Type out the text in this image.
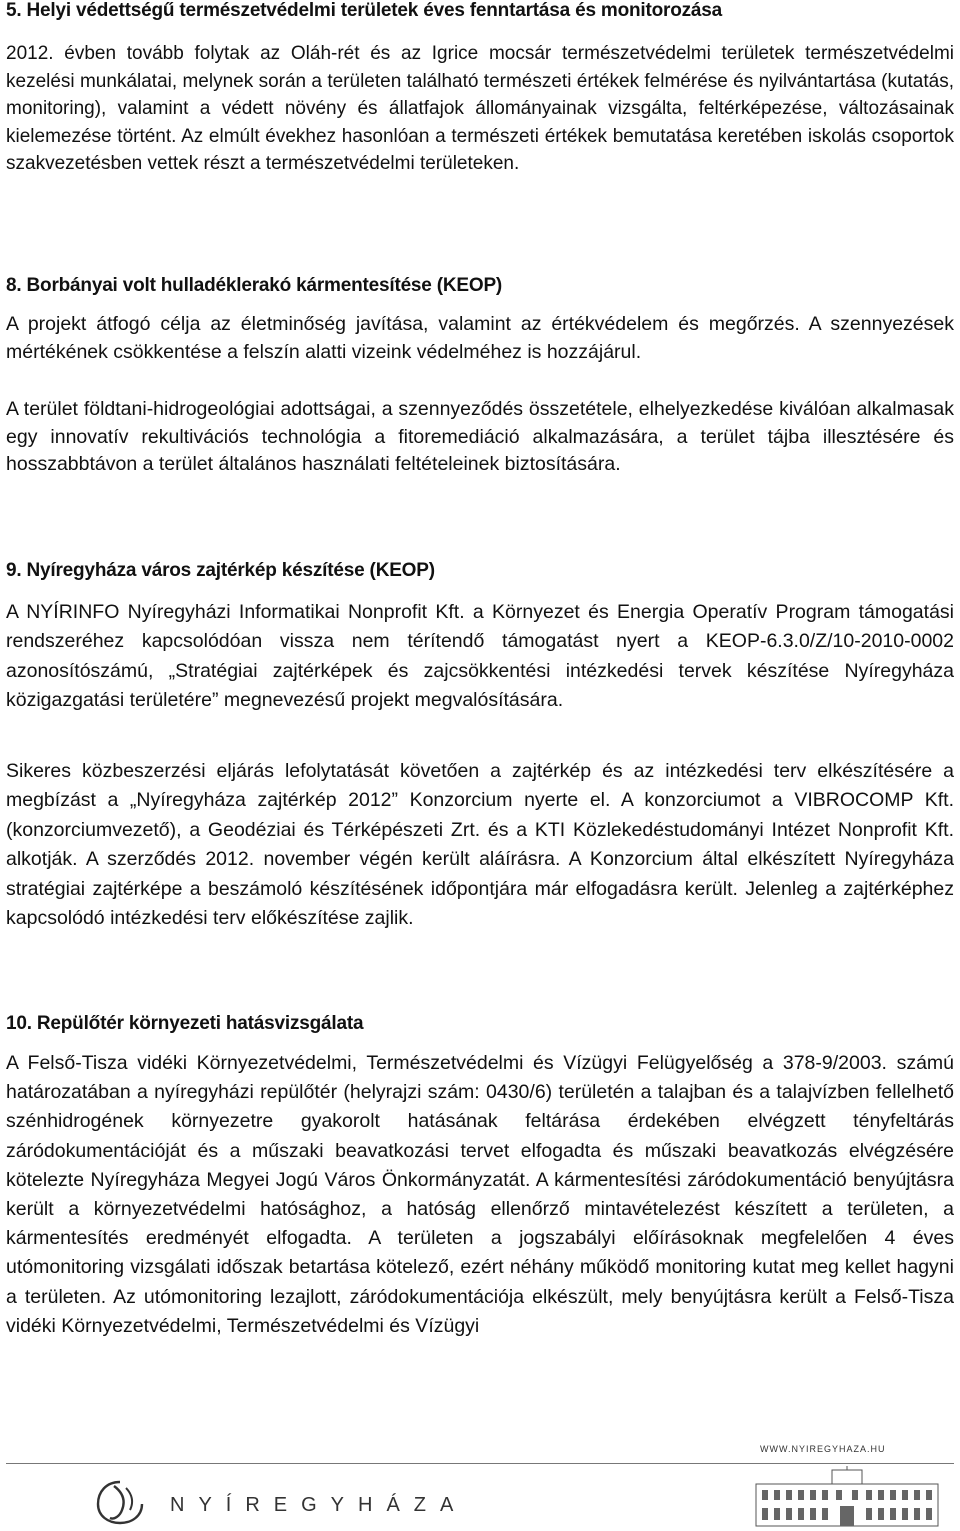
5. Helyi védettségű természetvédelmi területek éves fenntartása és monitorozása

2012. évben tovább folytak az Oláh-rét és az Igrice mocsár természetvédelmi területek természetvédelmi kezelési munkálatai, melynek során a területen található természeti értékek felmérése és nyilvántartása (kutatás, monitoring), valamint a védett növény és állatfajok állományainak vizsgálta, feltérképezése, változásainak kielemezése történt. Az elmúlt évekhez hasonlóan a természeti értékek bemutatása keretében iskolás csoportok szakvezetésben vettek részt a természetvédelmi területeken.

8. Borbányai volt hulladéklerakó kármentesítése (KEOP)

A projekt átfogó célja az életminőség javítása, valamint az értékvédelem és megőrzés. A szennyezések mértékének csökkentése a felszín alatti vizeink védelméhez is hozzájárul.

A terület földtani-hidrogeológiai adottságai, a szennyeződés összetétele, elhelyezkedése kiválóan alkalmasak egy innovatív rekultivációs technológia a fitoremediáció alkalmazására, a terület tájba illesztésére és hosszabbtávon a terület általános használati feltételeinek biztosítására.

9. Nyíregyháza város zajtérkép készítése (KEOP)

A NYÍRINFO Nyíregyházi Informatikai Nonprofit Kft. a Környezet és Energia Operatív Program támogatási rendszeréhez kapcsolódóan vissza nem térítendő támogatást nyert a KEOP-6.3.0/Z/10-2010-0002 azonosítószámú, „Stratégiai zajtérképek és zajcsökkentési intézkedési tervek készítése Nyíregyháza közigazgatási területére” megnevezésű projekt megvalósítására.

Sikeres közbeszerzési eljárás lefolytatását követően a zajtérkép és az intézkedési terv elkészítésére a megbízást a „Nyíregyháza zajtérkép 2012” Konzorcium nyerte el. A konzorciumot a VIBROCOMP Kft. (konzorciumvezető), a Geodéziai és Térképészeti Zrt. és a KTI Közlekedéstudományi Intézet Nonprofit Kft. alkotják. A szerződés 2012. november végén került aláírásra. A Konzorcium által elkészített Nyíregyháza stratégiai zajtérképe a beszámoló készítésének időpontjára már elfogadásra került. Jelenleg a zajtérképhez kapcsolódó intézkedési terv előkészítése zajlik.

10. Repülőtér környezeti hatásvizsgálata

A Felső-Tisza vidéki Környezetvédelmi, Természetvédelmi és Vízügyi Felügyelőség a 378-9/2003. számú határozatában a nyíregyházi repülőtér (helyrajzi szám: 0430/6) területén a talajban és a talajvízben fellelhető szénhidrogének környezetre gyakorolt hatásának feltárása érdekében elvégzett tényfeltárás záródokumentációját és a műszaki beavatkozási tervet elfogadta és műszaki beavatkozás elvégzésére kötelezte Nyíregyháza Megyei Jogú Város Önkormányzatát. A kármentesítési záródokumentáció benyújtásra került a környezetvédelmi hatósághoz, a hatóság ellenőrző mintavételezést készített a területen, a kármentesítés eredményét elfogadta. A területen a jogszabályi előírásoknak megfelelően 4 éves utómonitoring vizsgálati időszak betartása kötelező, ezért néhány működő monitoring kutat meg kellet hagyni a területen. Az utómonitoring lezajlott, záródokumentációja elkészült, mely benyújtásra került a Felső-Tisza vidéki Környezetvédelmi, Természetvédelmi és Vízügyi

WWW.NYIREGYHAZA.HU
NYÍREGYHÁZA
